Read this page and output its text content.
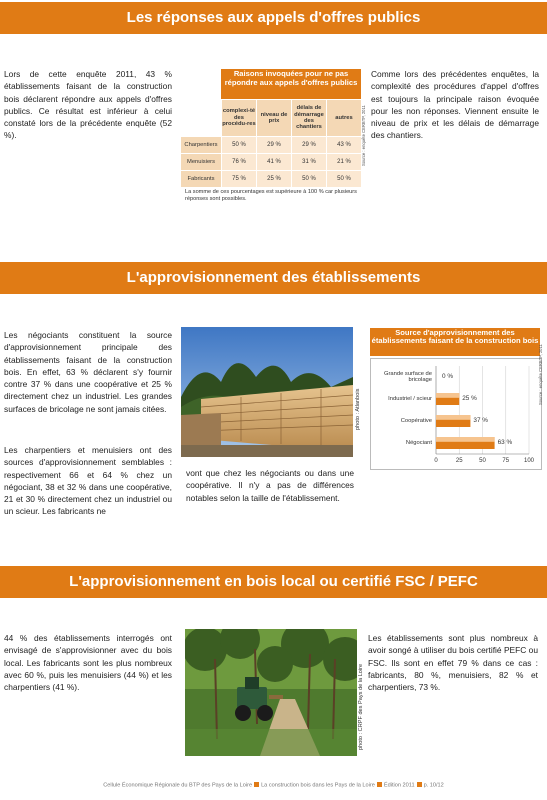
Les réponses aux appels d'offres publics
Lors de cette enquête 2011, 43 % établissements faisant de la construction bois déclarent répondre aux appels d'offres publics. Ce résultat est inférieur à celui constaté lors de la précédente enquête (52 %).
Raisons invoquées pour ne pas répondre aux appels d'offres publics
complexi-té des procédu-res
niveau de prix
délais de démarrage des chantiers
autres
Charpentiers	50 %	29 %	29 %	43 %
Menuisiers	76 %	41 %	31 %	21 %
Fabricants	75 %	25 %	50 %	50 %
La somme de ces pourcentages est supérieure à 100 % car plusieurs réponses sont possibles.
Source : enquête CERBTP, 2011
Comme lors des précédentes enquêtes, la complexité des procédures d'appel d'offres est toujours la principale raison évoquée pour les non réponses. Viennent ensuite le niveau de prix et les délais de démarrage des chantiers.
L'approvisionnement des établissements
Les négociants constituent la source d'approvisionnement principale des établissements faisant de la construction bois. En effet, 63 % déclarent s'y fournir contre 37 % dans une coopérative et 25 % directement chez un industriel. Les grandes surfaces de bricolage ne sont jamais citées.
Les charpentiers et menuisiers ont des sources d'approvisionnement semblables : respectivement 66 et 64 % chez un négociant, 38 et 32 % dans une coopérative, 21 et 30 % directement chez un industriel ou un scieur. Les fabricants ne
photo : Atlanbois
vont que chez les négociants ou dans une coopérative. Il n'y a pas de différences notables selon la taille de l'établissement.
Source d'approvisionnement des établissements faisant de la construction bois
Grande surface de bricolage 0 %
Industriel / scieur	25 %
Coopérative	37 %
Négociant	63 %
0	25	50	75	100
Source : enquête CERBTP, 2011
L'approvisionnement en bois local ou certifié FSC / PEFC
44 % des établissements interrogés ont envisagé de s'approvisionner avec du bois local. Les fabricants sont les plus nombreux avec 60 %, puis les menuisiers (44 %) et les charpentiers (41 %).	photo : CRPF des Pays de la Loire
Les établissements sont plus nombreux à avoir songé à utiliser du bois certifié PEFC ou FSC. Ils sont en effet 79 % dans ce cas : fabricants, 80 %, menuisiers, 82 % et charpentiers, 73 %.
Cellule Économique Régionale du BTP des Pays de la Loire La construction bois dans les Pays de la Loire Édition 2011 p. 10/12
